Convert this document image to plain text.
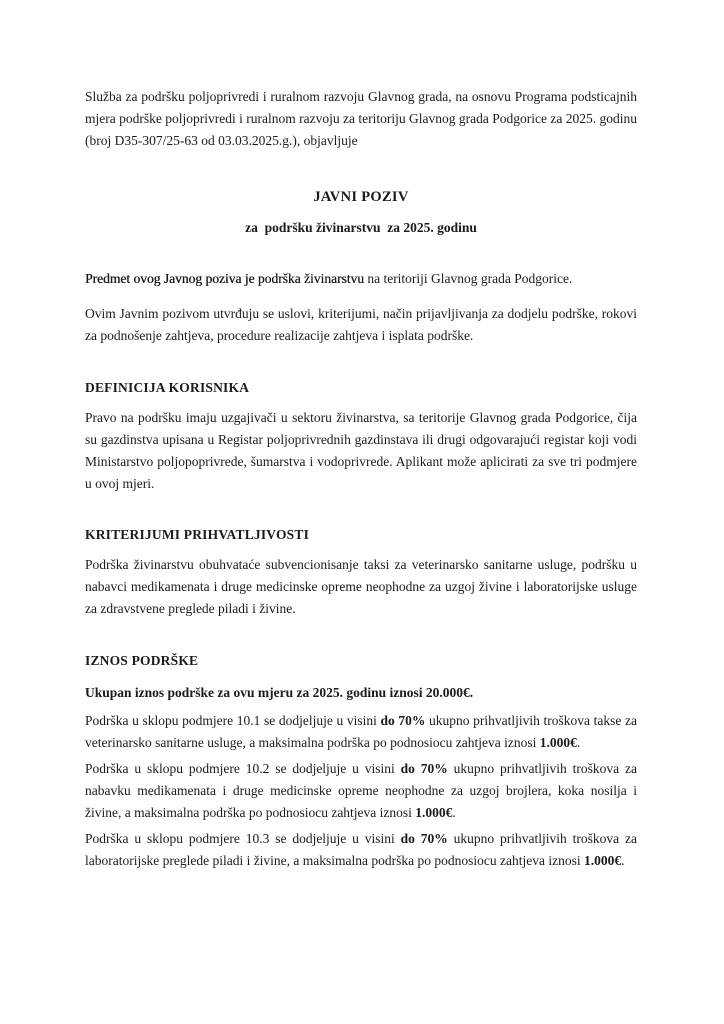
Služba za podršku poljoprivredi i ruralnom razvoju Glavnog grada, na osnovu Programa podsticajnih mjera podrške poljoprivredi i ruralnom razvoju za teritoriju Glavnog grada Podgorice za 2025. godinu (broj D35-307/25-63 od 03.03.2025.g.), objavljuje

JAVNI POZIV
za  podršku živinarstvu  za 2025. godinu

Predmet ovog Javnog poziva je podrška živinarstvu na teritoriji Glavnog grada Podgorice.

Ovim Javnim pozivom utvrđuju se uslovi, kriterijumi, način prijavljivanja za dodjelu podrške, rokovi za podnošenje zahtjeva, procedure realizacije zahtjeva i isplata podrške.

DEFINICIJA KORISNIKA

Pravo na podršku imaju uzgajivači u sektoru živinarstva, sa teritorije Glavnog grada Podgorice, čija su gazdinstva upisana u Registar poljoprivrednih gazdinstava ili drugi odgovarajući registar koji vodi Ministarstvo poljopoprivrede, šumarstva i vodoprivrede. Aplikant može aplicirati za sve tri podmjere u ovoj mjeri.

KRITERIJUMI PRIHVATLJIVOSTI

Podrška živinarstvu obuhvataće subvencionisanje taksi za veterinarsko sanitarne usluge, podršku u nabavci medikamenata i druge medicinske opreme neophodne za uzgoj živine i laboratorijske usluge za zdravstvene preglede piladi i živine.

IZNOS PODRŠKE

Ukupan iznos podrške za ovu mjeru za 2025. godinu iznosi 20.000€.

Podrška u sklopu podmjere 10.1 se dodjeljuje u visini do 70% ukupno prihvatljivih troškova takse za veterinarsko sanitarne usluge, a maksimalna podrška po podnosiocu zahtjeva iznosi 1.000€.

Podrška u sklopu podmjere 10.2 se dodjeljuje u visini do 70% ukupno prihvatljivih troškova za nabavku medikamenata i druge medicinske opreme neophodne za uzgoj brojlera, koka nosilja i živine, a maksimalna podrška po podnosiocu zahtjeva iznosi 1.000€.

Podrška u sklopu podmjere 10.3 se dodjeljuje u visini do 70% ukupno prihvatljivih troškova za laboratorijske preglede piladi i živine, a maksimalna podrška po podnosiocu zahtjeva iznosi 1.000€.
